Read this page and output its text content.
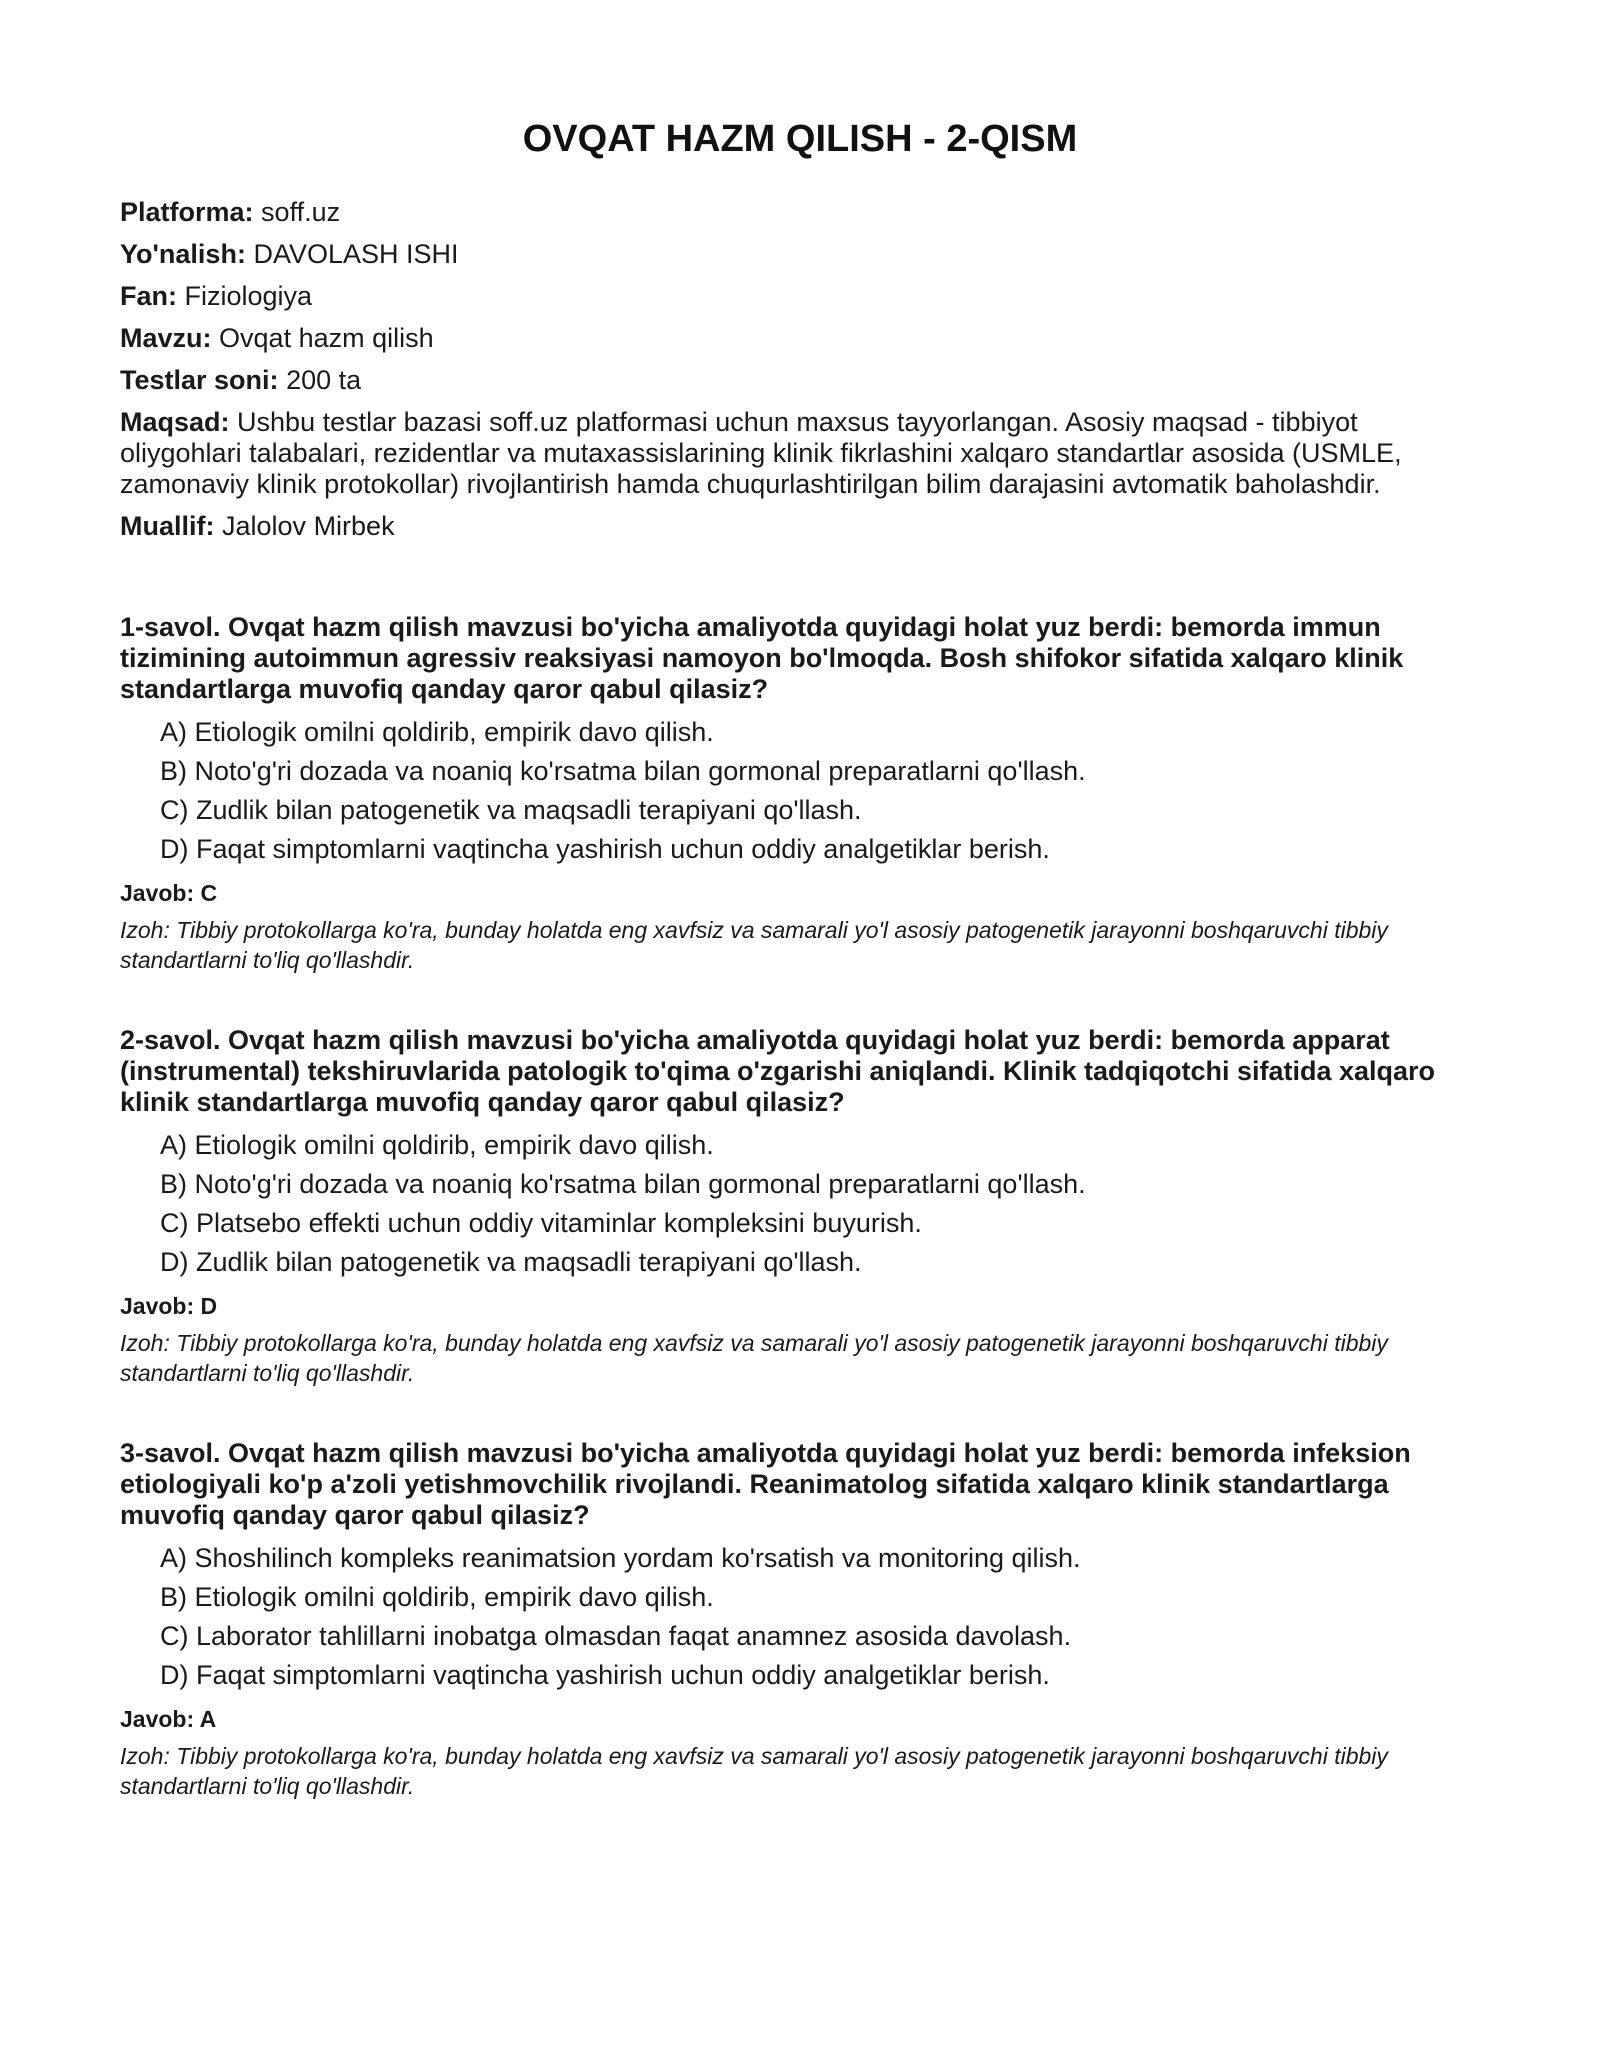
OVQAT HAZM QILISH - 2-QISM
Platforma: soff.uz
Yo'nalish: DAVOLASH ISHI
Fan: Fiziologiya
Mavzu: Ovqat hazm qilish
Testlar soni: 200 ta
Maqsad: Ushbu testlar bazasi soff.uz platformasi uchun maxsus tayyorlangan. Asosiy maqsad - tibbiyot oliygohlari talabalari, rezidentlar va mutaxassislarining klinik fikrlashini xalqaro standartlar asosida (USMLE, zamonaviy klinik protokollar) rivojlantirish hamda chuqurlashtirilgan bilim darajasini avtomatik baholashdir.
Muallif: Jalolov Mirbek
1-savol. Ovqat hazm qilish mavzusi bo'yicha amaliyotda quyidagi holat yuz berdi: bemorda immun tizimining autoimmun agressiv reaksiyasi namoyon bo'lmoqda. Bosh shifokor sifatida xalqaro klinik standartlarga muvofiq qanday qaror qabul qilasiz?
A) Etiologik omilni qoldirib, empirik davo qilish.
B) Noto'g'ri dozada va noaniq ko'rsatma bilan gormonal preparatlarni qo'llash.
C) Zudlik bilan patogenetik va maqsadli terapiyani qo'llash.
D) Faqat simptomlarni vaqtincha yashirish uchun oddiy analgetiklar berish.
Javob: C
Izoh: Tibbiy protokollarga ko'ra, bunday holatda eng xavfsiz va samarali yo'l asosiy patogenetik jarayonni boshqaruvchi tibbiy standartlarni to'liq qo'llashdir.
2-savol. Ovqat hazm qilish mavzusi bo'yicha amaliyotda quyidagi holat yuz berdi: bemorda apparat (instrumental) tekshiruvlarida patologik to'qima o'zgarishi aniqlandi. Klinik tadqiqotchi sifatida xalqaro klinik standartlarga muvofiq qanday qaror qabul qilasiz?
A) Etiologik omilni qoldirib, empirik davo qilish.
B) Noto'g'ri dozada va noaniq ko'rsatma bilan gormonal preparatlarni qo'llash.
C) Platsebo effekti uchun oddiy vitaminlar kompleksini buyurish.
D) Zudlik bilan patogenetik va maqsadli terapiyani qo'llash.
Javob: D
Izoh: Tibbiy protokollarga ko'ra, bunday holatda eng xavfsiz va samarali yo'l asosiy patogenetik jarayonni boshqaruvchi tibbiy standartlarni to'liq qo'llashdir.
3-savol. Ovqat hazm qilish mavzusi bo'yicha amaliyotda quyidagi holat yuz berdi: bemorda infeksion etiologiyali ko'p a'zoli yetishmovchilik rivojlandi. Reanimatolog sifatida xalqaro klinik standartlarga muvofiq qanday qaror qabul qilasiz?
A) Shoshilinch kompleks reanimatsion yordam ko'rsatish va monitoring qilish.
B) Etiologik omilni qoldirib, empirik davo qilish.
C) Laborator tahlillarni inobatga olmasdan faqat anamnez asosida davolash.
D) Faqat simptomlarni vaqtincha yashirish uchun oddiy analgetiklar berish.
Javob: A
Izoh: Tibbiy protokollarga ko'ra, bunday holatda eng xavfsiz va samarali yo'l asosiy patogenetik jarayonni boshqaruvchi tibbiy standartlarni to'liq qo'llashdir.
